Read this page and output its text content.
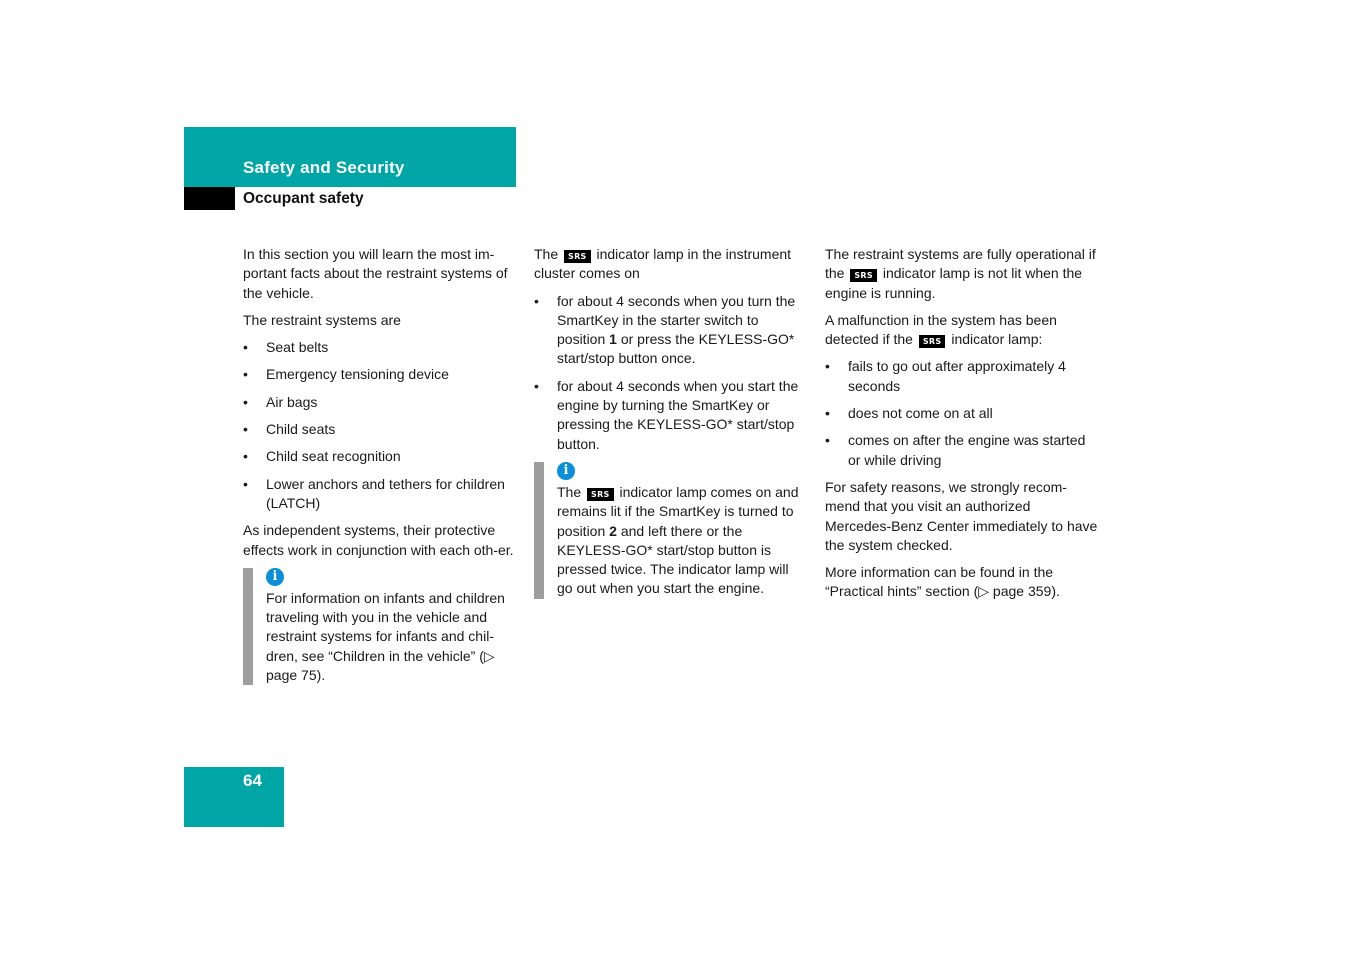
Safety and Security
Occupant safety

In this section you will learn the most im-portant facts about the restraint systems of the vehicle.

The restraint systems are

• Seat belts
• Emergency tensioning device
• Air bags
• Child seats
• Child seat recognition
• Lower anchors and tethers for children (LATCH)

As independent systems, their protective effects work in conjunction with each oth-er.

i

For information on infants and children traveling with you in the vehicle and restraint systems for infants and chil-dren, see “Children in the vehicle” (▷ page 75).

The SRS indicator lamp in the instrument cluster comes on

• for about 4 seconds when you turn the SmartKey in the starter switch to position 1 or press the KEYLESS-GO* start/stop button once.
• for about 4 seconds when you start the engine by turning the SmartKey or pressing the KEYLESS-GO* start/stop button.
i

The SRS indicator lamp comes on and remains lit if the SmartKey is turned to position 2 and left there or the KEYLESS-GO* start/stop button is pressed twice. The indicator lamp will go out when you start the engine.

The restraint systems are fully operational if the SRS indicator lamp is not lit when the engine is running.

A malfunction in the system has been detected if the SRS indicator lamp:

• fails to go out after approximately 4 seconds
• does not come on at all
• comes on after the engine was started or while driving

For safety reasons, we strongly recom-mend that you visit an authorized Mercedes-Benz Center immediately to have the system checked.

More information can be found in the “Practical hints” section (▷ page 359).

64
